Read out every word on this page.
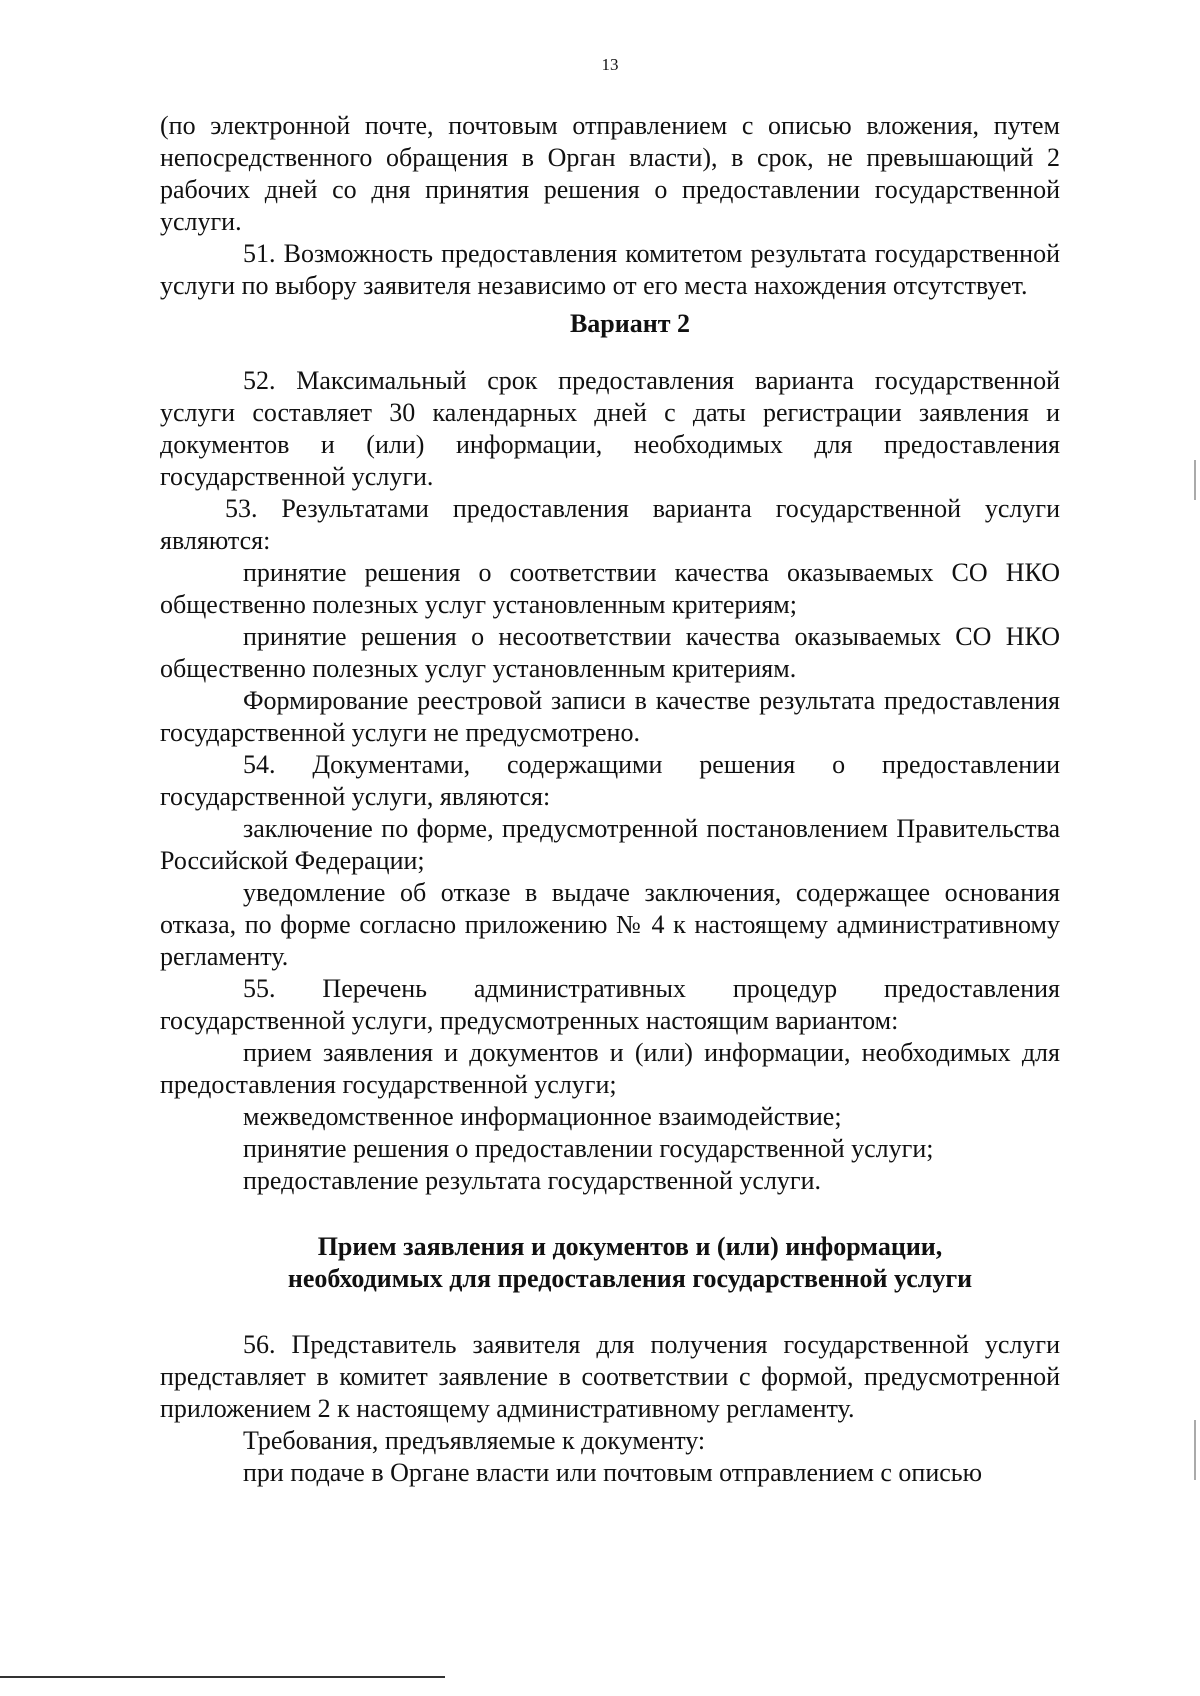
13

(по электронной почте, почтовым отправлением с описью вложения, путем непосредственного обращения в Орган власти), в срок, не превышающий 2 рабочих дней со дня принятия решения о предоставлении государственной услуги.

51. Возможность предоставления комитетом результата государственной услуги по выбору заявителя независимо от его места нахождения отсутствует.

Вариант 2

52. Максимальный срок предоставления варианта государственной услуги составляет 30 календарных дней с даты регистрации заявления и документов и (или) информации, необходимых для предоставления государственной услуги.

53. Результатами предоставления варианта государственной услуги являются:

принятие решения о соответствии качества оказываемых СО НКО общественно полезных услуг установленным критериям;

принятие решения о несоответствии качества оказываемых СО НКО общественно полезных услуг установленным критериям.

Формирование реестровой записи в качестве результата предоставления государственной услуги не предусмотрено.

54. Документами, содержащими решения о предоставлении государственной услуги, являются:

заключение по форме, предусмотренной постановлением Правительства Российской Федерации;

уведомление об отказе в выдаче заключения, содержащее основания отказа, по форме согласно приложению № 4 к настоящему административному регламенту.

55. Перечень административных процедур предоставления государственной услуги, предусмотренных настоящим вариантом:

прием заявления и документов и (или) информации, необходимых для предоставления государственной услуги;

межведомственное информационное взаимодействие;

принятие решения о предоставлении государственной услуги;

предоставление результата государственной услуги.

Прием заявления и документов и (или) информации,
необходимых для предоставления государственной услуги

56. Представитель заявителя для получения государственной услуги представляет в комитет заявление в соответствии с формой, предусмотренной приложением 2 к настоящему административному регламенту.

Требования, предъявляемые к документу:

при подаче в Органе власти или почтовым отправлением с описью
